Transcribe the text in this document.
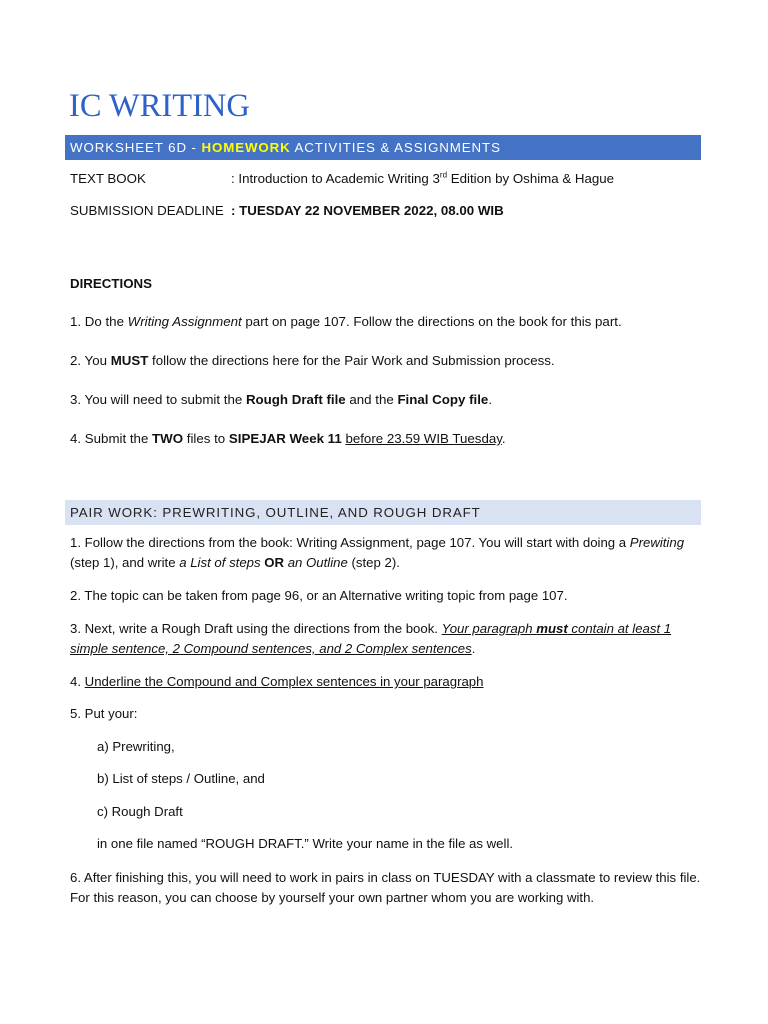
IC WRITING
WORKSHEET 6D - HOMEWORK ACTIVITIES & ASSIGNMENTS
TEXT BOOK	: Introduction to Academic Writing 3rd Edition by Oshima & Hague
SUBMISSION DEADLINE : TUESDAY 22 NOVEMBER 2022, 08.00 WIB
DIRECTIONS
1. Do the Writing Assignment part on page 107. Follow the directions on the book for this part.
2. You MUST follow the directions here for the Pair Work and Submission process.
3. You will need to submit the Rough Draft file and the Final Copy file.
4. Submit the TWO files to SIPEJAR Week 11 before 23.59 WIB Tuesday.
PAIR WORK: PREWRITING, OUTLINE, AND ROUGH DRAFT
1. Follow the directions from the book: Writing Assignment, page 107. You will start with doing a Prewiting (step 1), and write a List of steps OR an Outline (step 2).
2. The topic can be taken from page 96, or an Alternative writing topic from page 107.
3. Next, write a Rough Draft using the directions from the book. Your paragraph must contain at least 1 simple sentence, 2 Compound sentences, and 2 Complex sentences.
4. Underline the Compound and Complex sentences in your paragraph
5. Put your:
a) Prewriting,
b) List of steps / Outline, and
c) Rough Draft
in one file named “ROUGH DRAFT.” Write your name in the file as well.
6. After finishing this, you will need to work in pairs in class on TUESDAY with a classmate to review this file. For this reason, you can choose by yourself your own partner whom you are working with.
